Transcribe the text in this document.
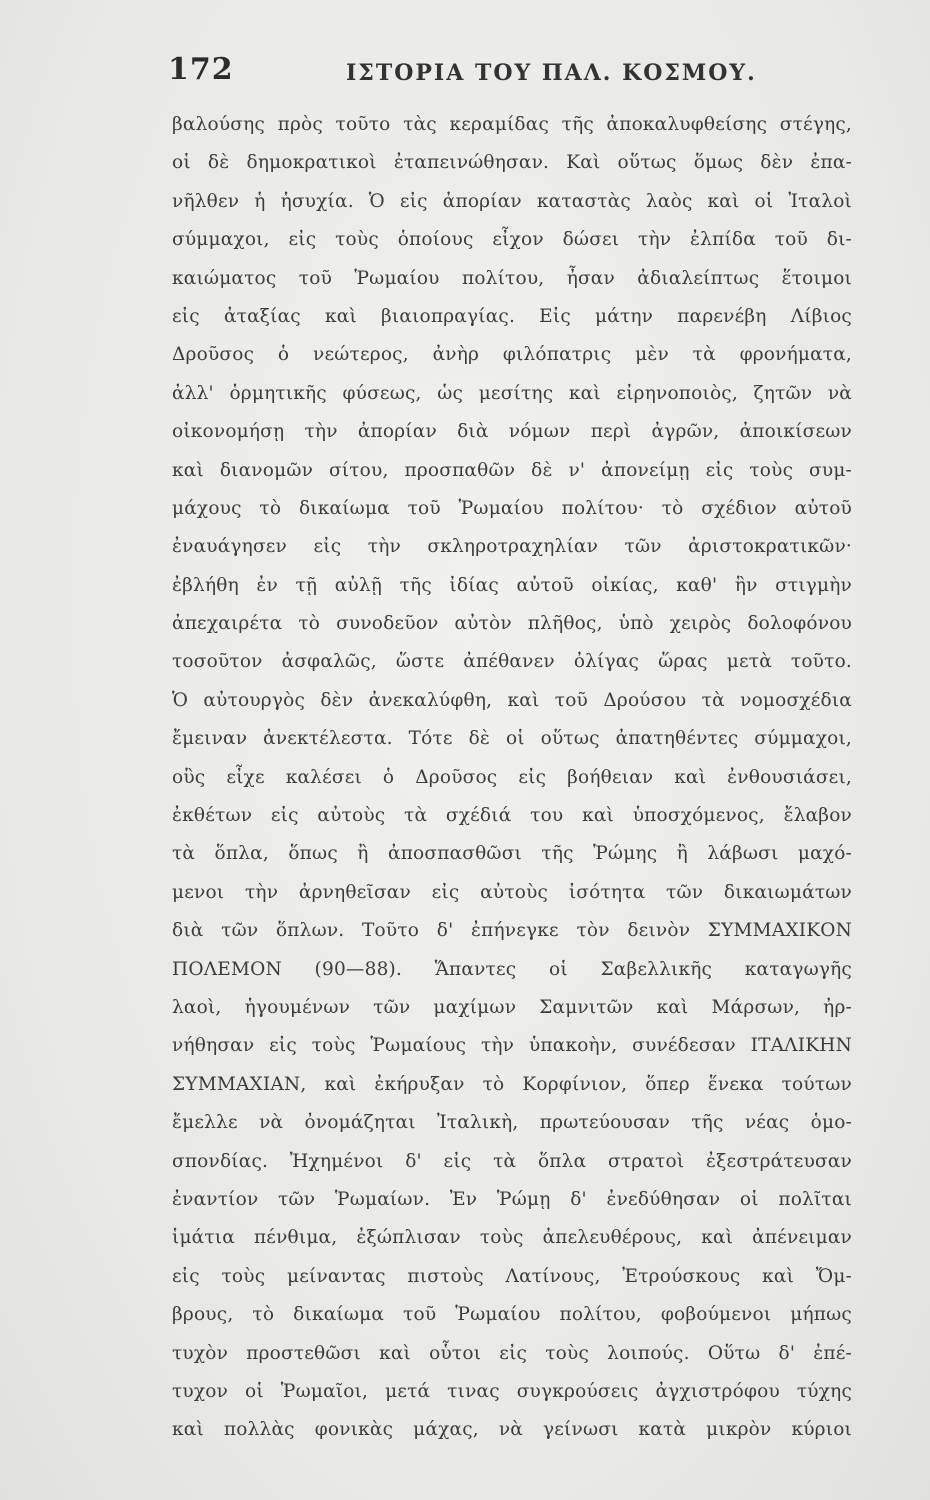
172	ΙΣΤΟΡΙΑ ΤΟΥ ΠΑΛ. ΚΟΣΜΟΥ.
βαλούσης πρὸς τοῦτο τὰς κεραμίδας τῆς ἀποκαλυφθείσης στέγης,
οἱ δὲ δημοκρατικοὶ ἐταπεινώθησαν. Καὶ οὕτως ὅμως δὲν ἐπα-
νῆλθεν ἡ ἡσυχία. Ὁ εἰς ἀπορίαν καταστὰς λαὸς καὶ οἱ Ἰταλοὶ
σύμμαχοι, εἰς τοὺς ὁποίους εἶχον δώσει τὴν ἐλπίδα τοῦ δι-
καιώματος τοῦ Ῥωμαίου πολίτου, ἦσαν ἀδιαλείπτως ἕτοιμοι
εἰς ἀταξίας καὶ βιαιοπραγίας. Εἰς μάτην παρενέβη Λίβιος
Δροῦσος ὁ νεώτερος, ἀνὴρ φιλόπατρις μὲν τὰ φρονήματα,
ἀλλ' ὁρμητικῆς φύσεως, ὡς μεσίτης καὶ εἰρηνοποιὸς, ζητῶν νὰ
οἰκονομήσῃ τὴν ἀπορίαν διὰ νόμων περὶ ἀγρῶν, ἀποικίσεων
καὶ διανομῶν σίτου, προσπαθῶν δὲ ν' ἀπονείμῃ εἰς τοὺς συμ-
μάχους τὸ δικαίωμα τοῦ Ῥωμαίου πολίτου· τὸ σχέδιον αὐτοῦ
ἐναυάγησεν εἰς τὴν σκληροτραχηλίαν τῶν ἀριστοκρατικῶν·
ἐβλήθη ἐν τῇ αὐλῇ τῆς ἰδίας αὐτοῦ οἰκίας, καθ' ἣν στιγμὴν
ἀπεχαιρέτα τὸ συνοδεῦον αὐτὸν πλῆθος, ὑπὸ χειρὸς δολοφόνου
τοσοῦτον ἀσφαλῶς, ὥστε ἀπέθανεν ὀλίγας ὥρας μετὰ τοῦτο.
Ὁ αὐτουργὸς δὲν ἀνεκαλύφθη, καὶ τοῦ Δρούσου τὰ νομοσχέδια
ἔμειναν ἀνεκτέλεστα. Τότε δὲ οἱ οὕτως ἀπατηθέντες σύμμαχοι,
οὓς εἶχε καλέσει ὁ Δροῦσος εἰς βοήθειαν καὶ ἐνθουσιάσει,
ἐκθέτων εἰς αὐτοὺς τὰ σχέδιά του καὶ ὑποσχόμενος, ἔλαβον
τὰ ὅπλα, ὅπως ἢ ἀποσπασθῶσι τῆς Ῥώμης ἢ λάβωσι μαχό-
μενοι τὴν ἀρνηθεῖσαν εἰς αὐτοὺς ἰσότητα τῶν δικαιωμάτων
διὰ τῶν ὅπλων. Τοῦτο δ' ἐπήνεγκε τὸν δεινὸν ΣΥΜΜΑΧΙΚΟΝ
ΠΟΛΕΜΟΝ (90—88). Ἅπαντες οἱ Σαβελλικῆς καταγωγῆς
λαοὶ, ἡγουμένων τῶν μαχίμων Σαμνιτῶν καὶ Μάρσων, ἠρ-
νήθησαν εἰς τοὺς Ῥωμαίους τὴν ὑπακοὴν, συνέδεσαν ΙΤΑΛΙΚΗΝ
ΣΥΜΜΑΧΙΑΝ, καὶ ἐκήρυξαν τὸ Κορφίνιον, ὅπερ ἕνεκα τούτων
ἔμελλε νὰ ὀνομάζηται Ἰταλικὴ, πρωτεύουσαν τῆς νέας ὁμο-
σπονδίας. Ἠχημένοι δ' εἰς τὰ ὅπλα στρατοὶ ἐξεστράτευσαν
ἐναντίον τῶν Ῥωμαίων. Ἐν Ῥώμῃ δ' ἐνεδύθησαν οἱ πολῖται
ἱμάτια πένθιμα, ἐξώπλισαν τοὺς ἀπελευθέρους, καὶ ἀπένειμαν
εἰς τοὺς μείναντας πιστοὺς Λατίνους, Ἐτρούσκους καὶ Ὄμ-
βρους, τὸ δικαίωμα τοῦ Ῥωμαίου πολίτου, φοβούμενοι μήπως
τυχὸν προστεθῶσι καὶ οὗτοι εἰς τοὺς λοιπούς. Οὕτω δ' ἐπέ-
τυχον οἱ Ῥωμαῖοι, μετά τινας συγκρούσεις ἀγχιστρόφου τύχης
καὶ πολλὰς φονικὰς μάχας, νὰ γείνωσι κατὰ μικρὸν κύριοι
